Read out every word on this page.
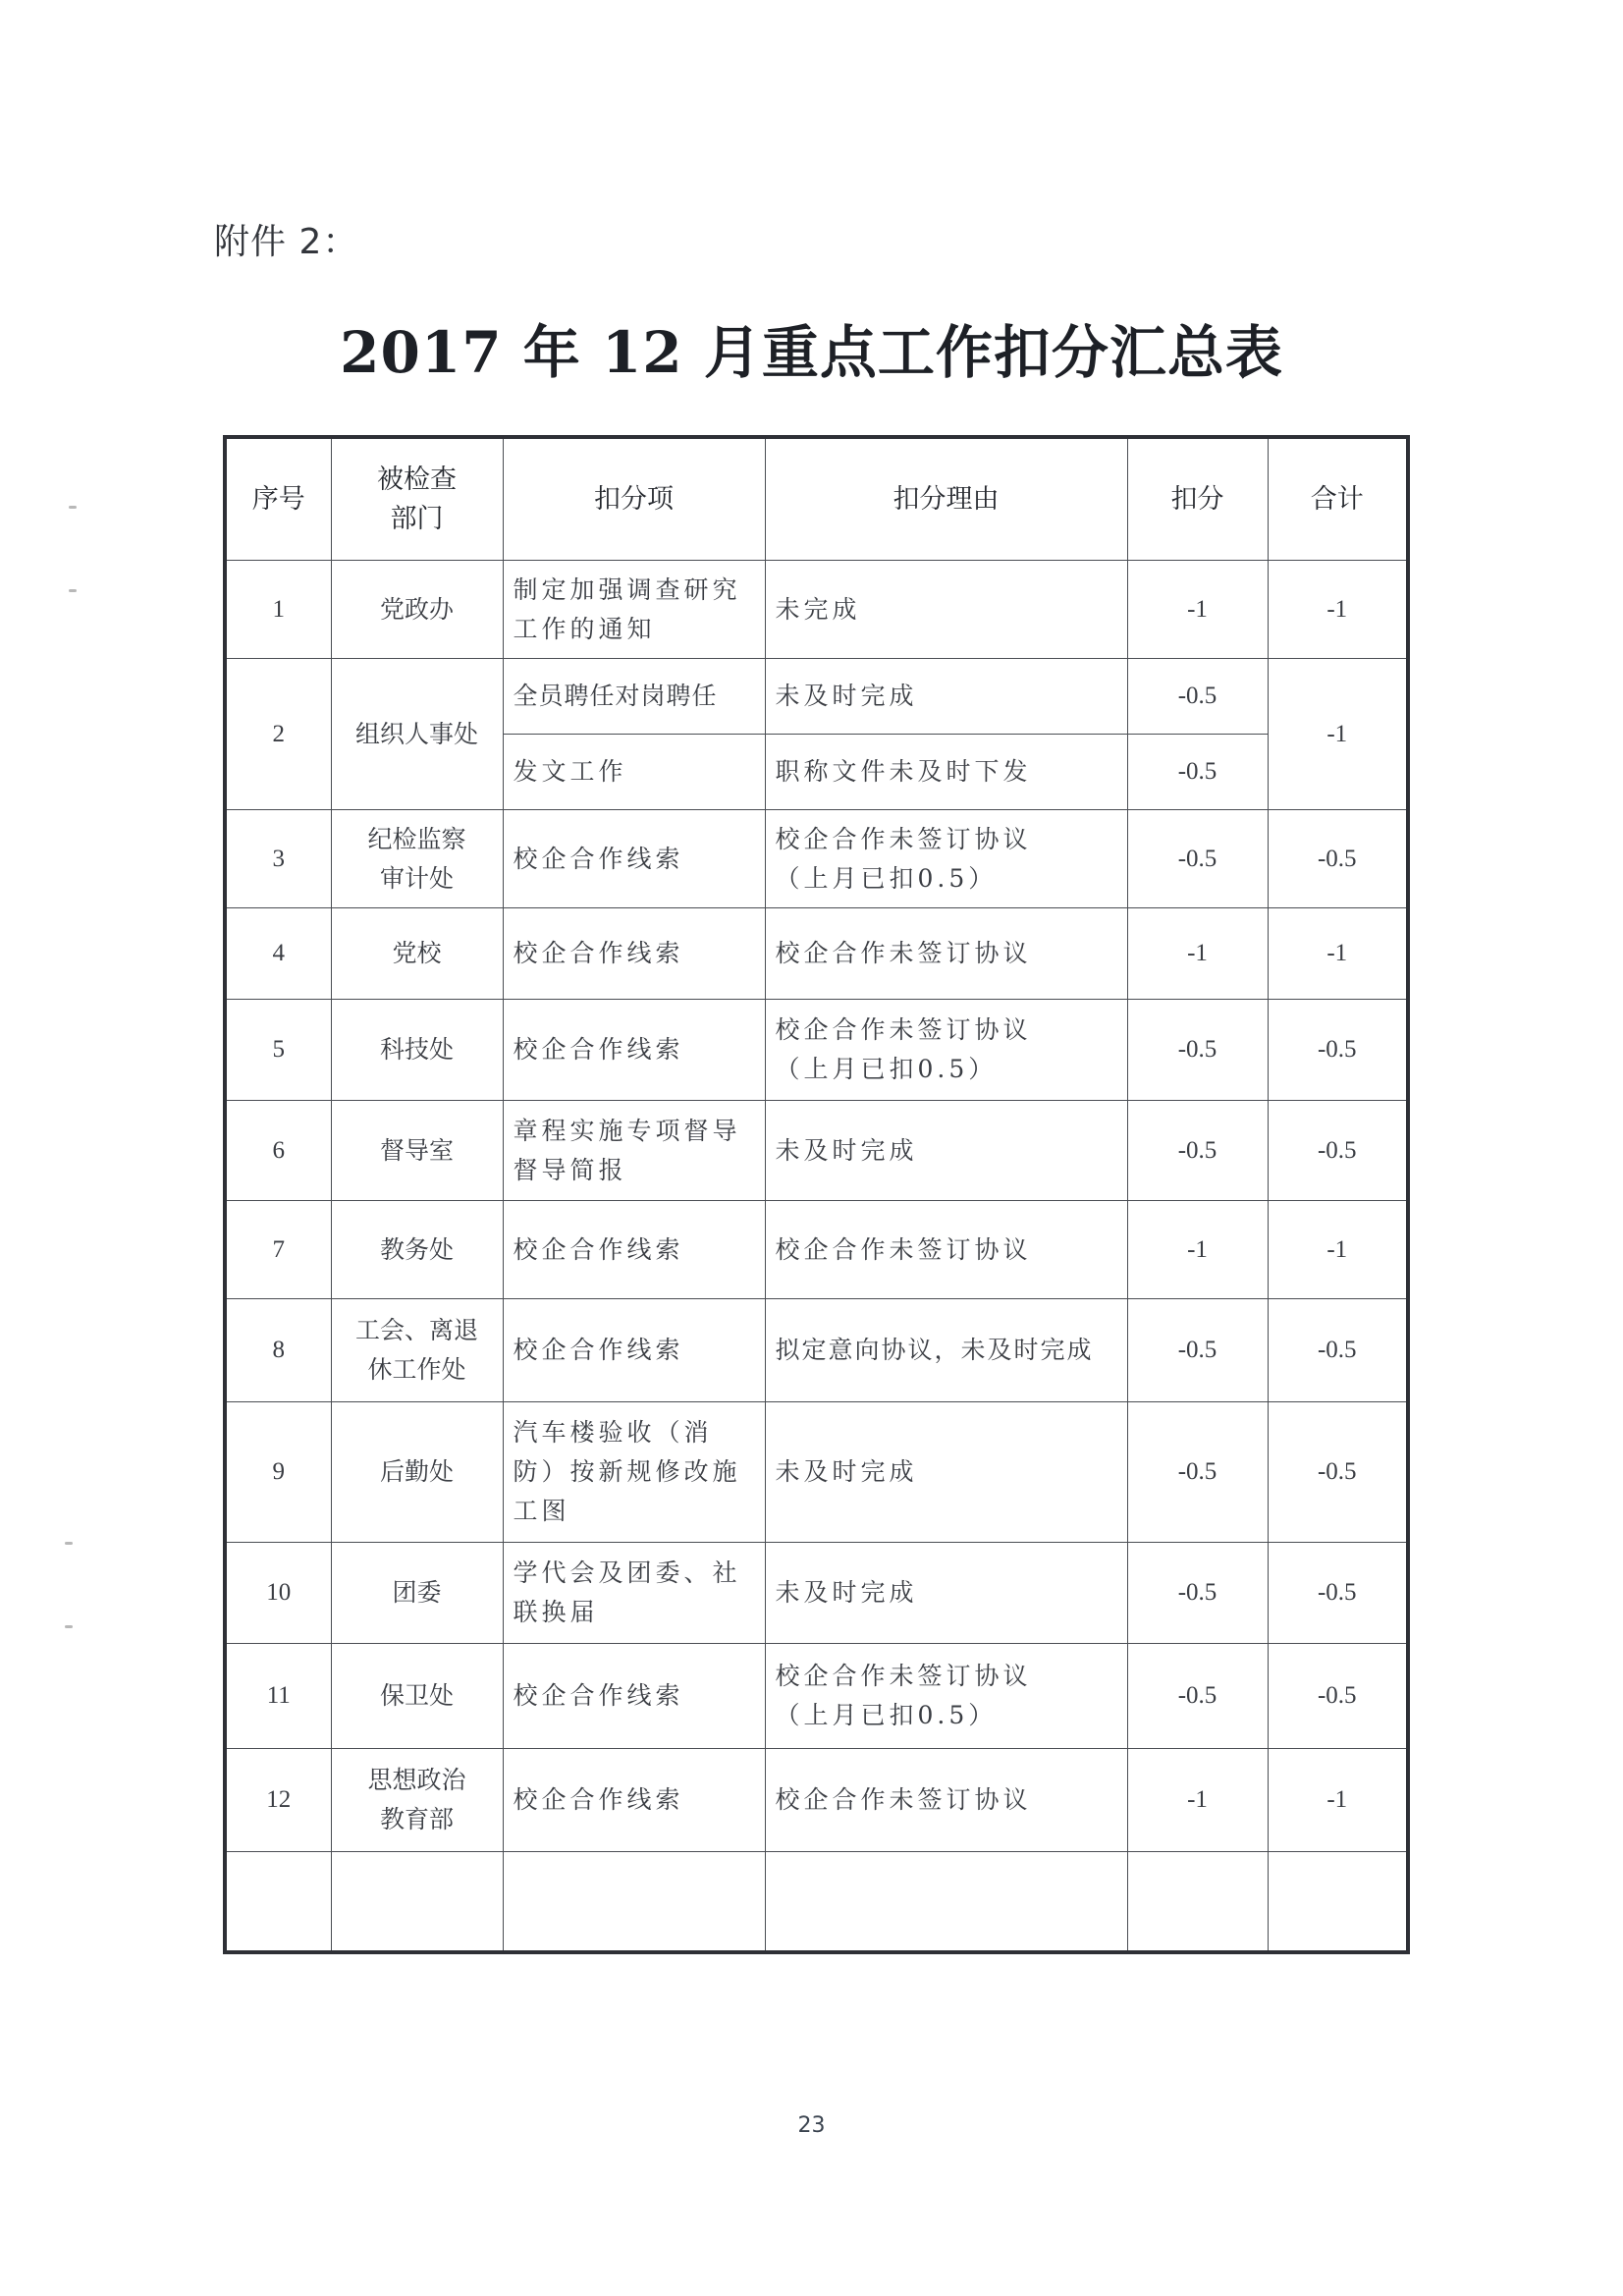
附件 2：
2017 年 12 月重点工作扣分汇总表
序号	被检查部门	扣分项	扣分理由	扣分	合计
1	党政办	制定加强调查研究工作的通知	未完成	-1	-1
2	组织人事处	全员聘任对岗聘任	未及时完成	-0.5	-1
		发文工作	职称文件未及时下发	-0.5	
3	纪检监察审计处	校企合作线索	校企合作未签订协议（上月已扣0.5）	-0.5	-0.5
4	党校	校企合作线索	校企合作未签订协议	-1	-1
5	科技处	校企合作线索	校企合作未签订协议（上月已扣0.5）	-0.5	-0.5
6	督导室	章程实施专项督导督导简报	未及时完成	-0.5	-0.5
7	教务处	校企合作线索	校企合作未签订协议	-1	-1
8	工会、离退休工作处	校企合作线索	拟定意向协议，未及时完成	-0.5	-0.5
9	后勤处	汽车楼验收（消防）按新规修改施工图	未及时完成	-0.5	-0.5
10	团委	学代会及团委、社联换届	未及时完成	-0.5	-0.5
11	保卫处	校企合作线索	校企合作未签订协议（上月已扣0.5）	-0.5	-0.5
12	思想政治教育部	校企合作线索	校企合作未签订协议	-1	-1

23
